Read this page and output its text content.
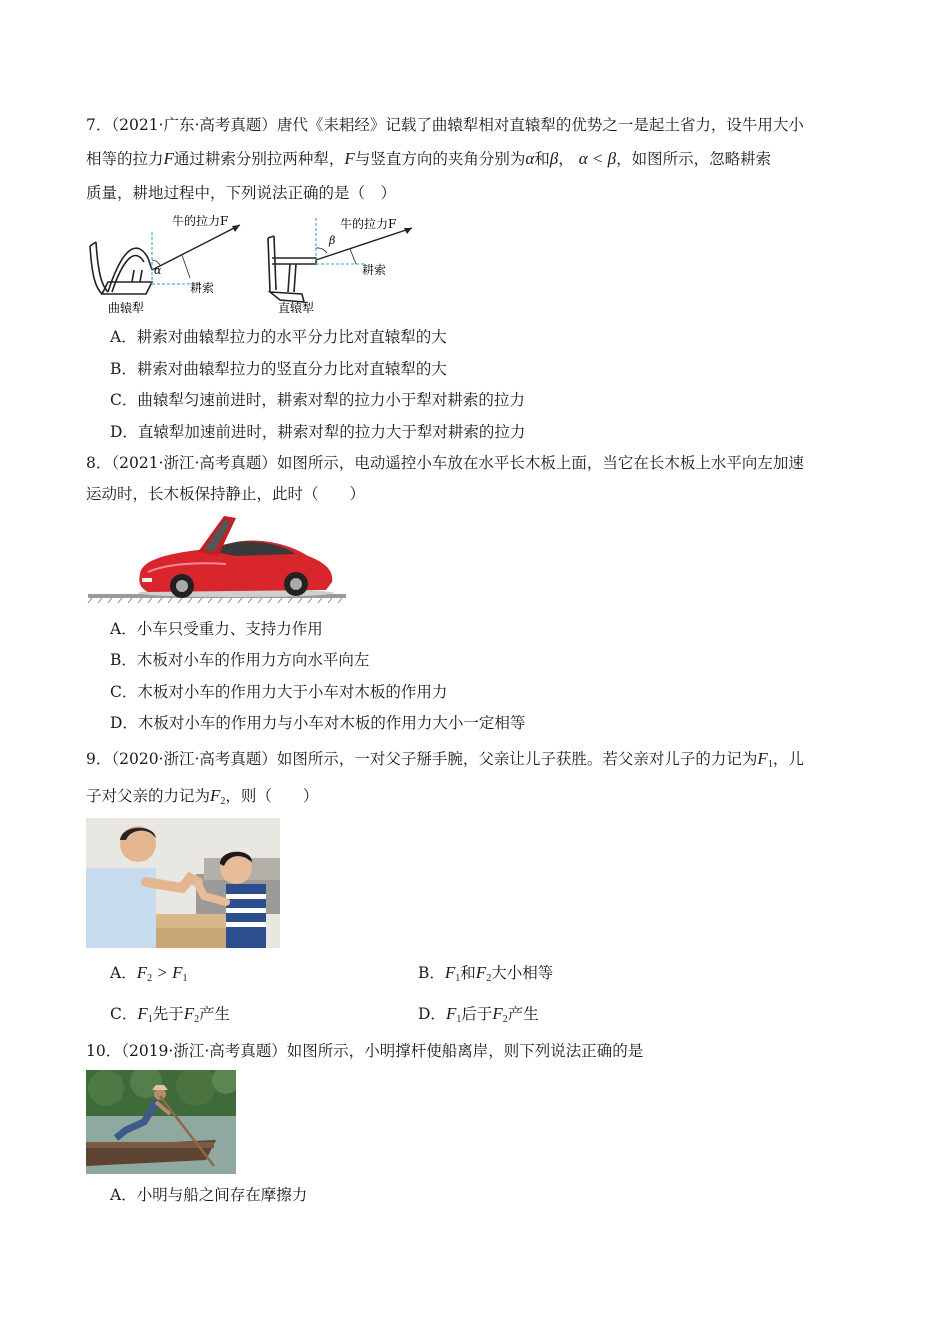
7．（2021·广东·高考真题）唐代《耒耜经》记载了曲辕犁相对直辕犁的优势之一是起土省力，设牛用大小
相等的拉力F通过耕索分别拉两种犁，F与竖直方向的夹角分别为α和β， α < β，如图所示，忽略耕索
质量，耕地过程中，下列说法正确的是（　）
α
牛的拉力F
耕索
曲辕犁
β
牛的拉力F
耕索
直辕犁
A．耕索对曲辕犁拉力的水平分力比对直辕犁的大
B．耕索对曲辕犁拉力的竖直分力比对直辕犁的大
C．曲辕犁匀速前进时，耕索对犁的拉力小于犁对耕索的拉力
D．直辕犁加速前进时，耕索对犁的拉力大于犁对耕索的拉力
8．（2021·浙江·高考真题）如图所示，电动遥控小车放在水平长木板上面，当它在长木板上水平向左加速
运动时，长木板保持静止，此时（　　）
A．小车只受重力、支持力作用
B．木板对小车的作用力方向水平向左
C．木板对小车的作用力大于小车对木板的作用力
D．木板对小车的作用力与小车对木板的作用力大小一定相等
9．（2020·浙江·高考真题）如图所示，一对父子掰手腕，父亲让儿子获胜。若父亲对儿子的力记为$F_1$，儿
子对父亲的力记为$F_2$，则（　　）
A．$F_2 > F_1$	B．$F_1$和$F_2$大小相等
C．$F_1$先于$F_2$产生	D．$F_1$后于$F_2$产生
10．（2019·浙江·高考真题）如图所示，小明撑杆使船离岸，则下列说法正确的是
A．小明与船之间存在摩擦力
